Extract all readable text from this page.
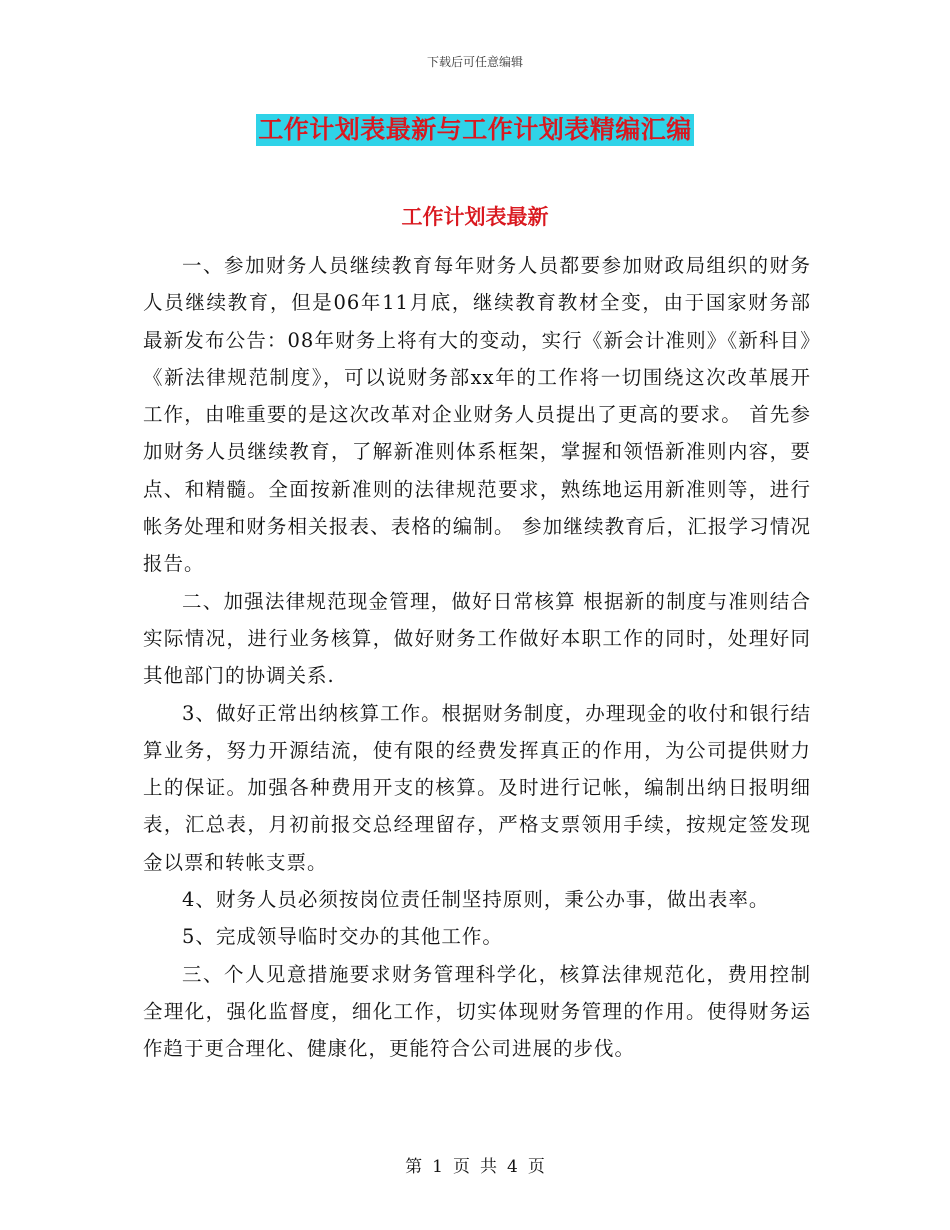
下载后可任意编辑
工作计划表最新与工作计划表精编汇编
工作计划表最新

一、参加财务人员继续教育每年财务人员都要参加财政局组织的财务人员继续教育，但是06年11月底，继续教育教材全变，由于国家财务部最新发布公告：08年财务上将有大的变动，实行《新会计准则》《新科目》《新法律规范制度》，可以说财务部xx年的工作将一切围绕这次改革展开工作，由唯重要的是这次改革对企业财务人员提出了更高的要求。 首先参加财务人员继续教育，了解新准则体系框架，掌握和领悟新准则内容，要点、和精髓。全面按新准则的法律规范要求，熟练地运用新准则等，进行帐务处理和财务相关报表、表格的编制。 参加继续教育后，汇报学习情况报告。

二、加强法律规范现金管理，做好日常核算 根据新的制度与准则结合实际情况，进行业务核算，做好财务工作做好本职工作的同时，处理好同其他部门的协调关系.

3、做好正常出纳核算工作。根据财务制度，办理现金的收付和银行结算业务，努力开源结流，使有限的经费发挥真正的作用，为公司提供财力上的保证。加强各种费用开支的核算。及时进行记帐，编制出纳日报明细表，汇总表，月初前报交总经理留存，严格支票领用手续，按规定签发现金以票和转帐支票。

4、财务人员必须按岗位责任制坚持原则，秉公办事，做出表率。

5、完成领导临时交办的其他工作。

三、个人见意措施要求财务管理科学化，核算法律规范化，费用控制全理化，强化监督度，细化工作，切实体现财务管理的作用。使得财务运作趋于更合理化、健康化，更能符合公司进展的步伐。

第 1 页 共 4 页
